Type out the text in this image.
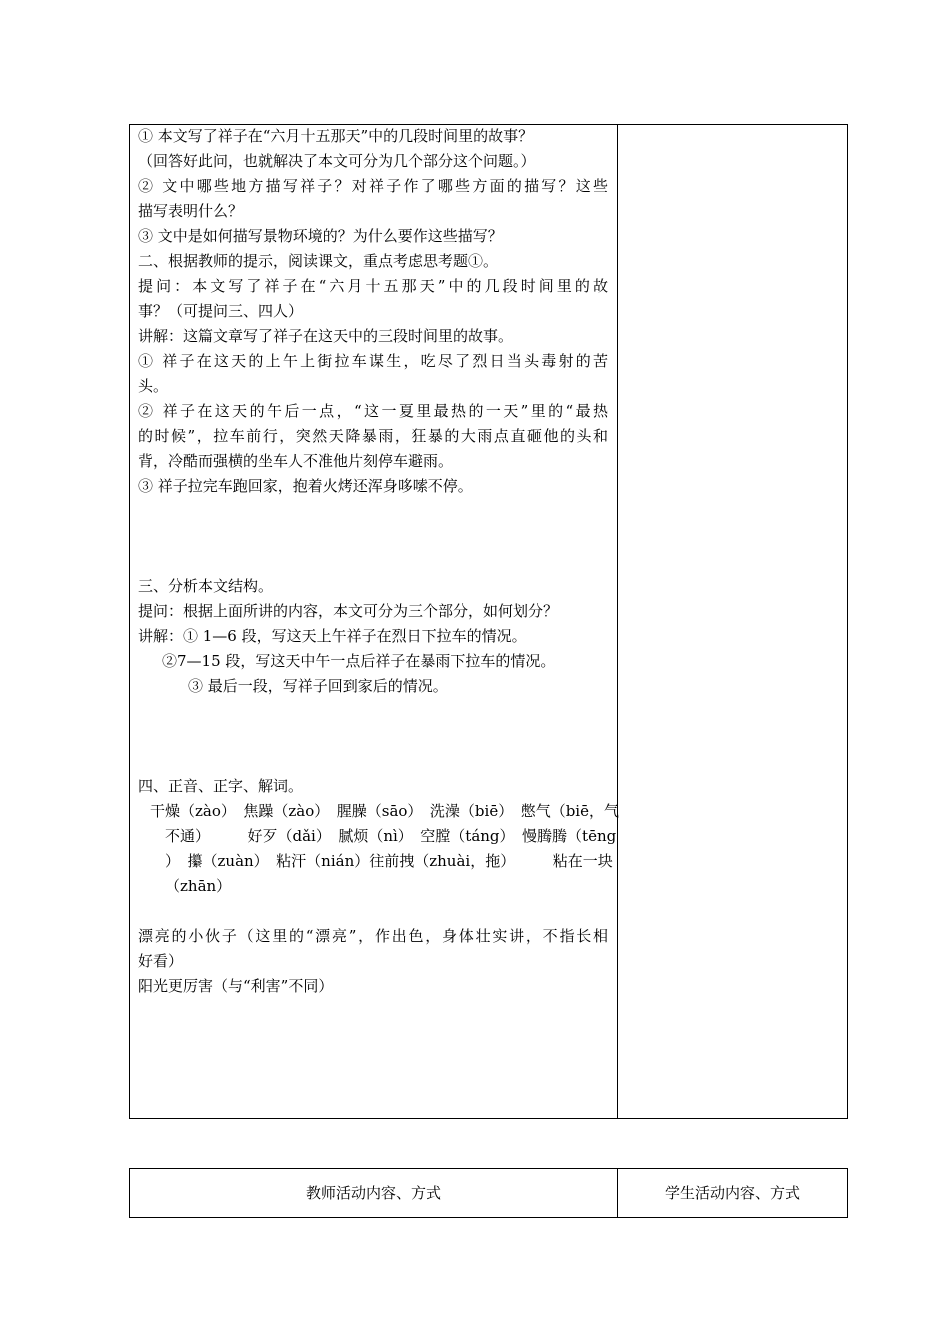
① 本文写了祥子在“六月十五那天”中的几段时间里的故事？
（回答好此问，也就解决了本文可分为几个部分这个问题。）
② 文中哪些地方描写祥子？对祥子作了哪些方面的描写？这些
描写表明什么？
③ 文中是如何描写景物环境的？为什么要作这些描写？
二、根据教师的提示，阅读课文，重点考虑思考题①。
提问：本文写了祥子在“六月十五那天”中的几段时间里的故
事？（可提问三、四人）
讲解：这篇文章写了祥子在这天中的三段时间里的故事。
① 祥子在这天的上午上街拉车谋生，吃尽了烈日当头毒射的苦
头。
② 祥子在这天的午后一点，“这一夏里最热的一天”里的“最热
的时候”，拉车前行，突然天降暴雨，狂暴的大雨点直砸他的头和
背，冷酷而强横的坐车人不准他片刻停车避雨。
③ 祥子拉完车跑回家，抱着火烤还浑身哆嗦不停。
三、分析本文结构。
提问：根据上面所讲的内容，本文可分为三个部分，如何划分？
讲解：① 1—6 段，写这天上午祥子在烈日下拉车的情况。
②7—15 段，写这天中午一点后祥子在暴雨下拉车的情况。
③ 最后一段，写祥子回到家后的情况。
四、正音、正字、解词。
干燥（zào）　焦躁（zào）　腥臊（sāo）　洗澡（biē）　憋气（biē，气
不通）　　　好歹（dǎi）　腻烦（nì）　空膛（táng）　慢腾腾（tēng
）　攥（zuàn）　粘汗（nián）往前拽（zhuài，拖）　　　粘在一块
（zhān）
漂亮的小伙子（这里的“漂亮”，作出色，身体壮实讲，不指长相
好看）
阳光更厉害（与“利害”不同）
教师活动内容、方式	学生活动内容、方式
